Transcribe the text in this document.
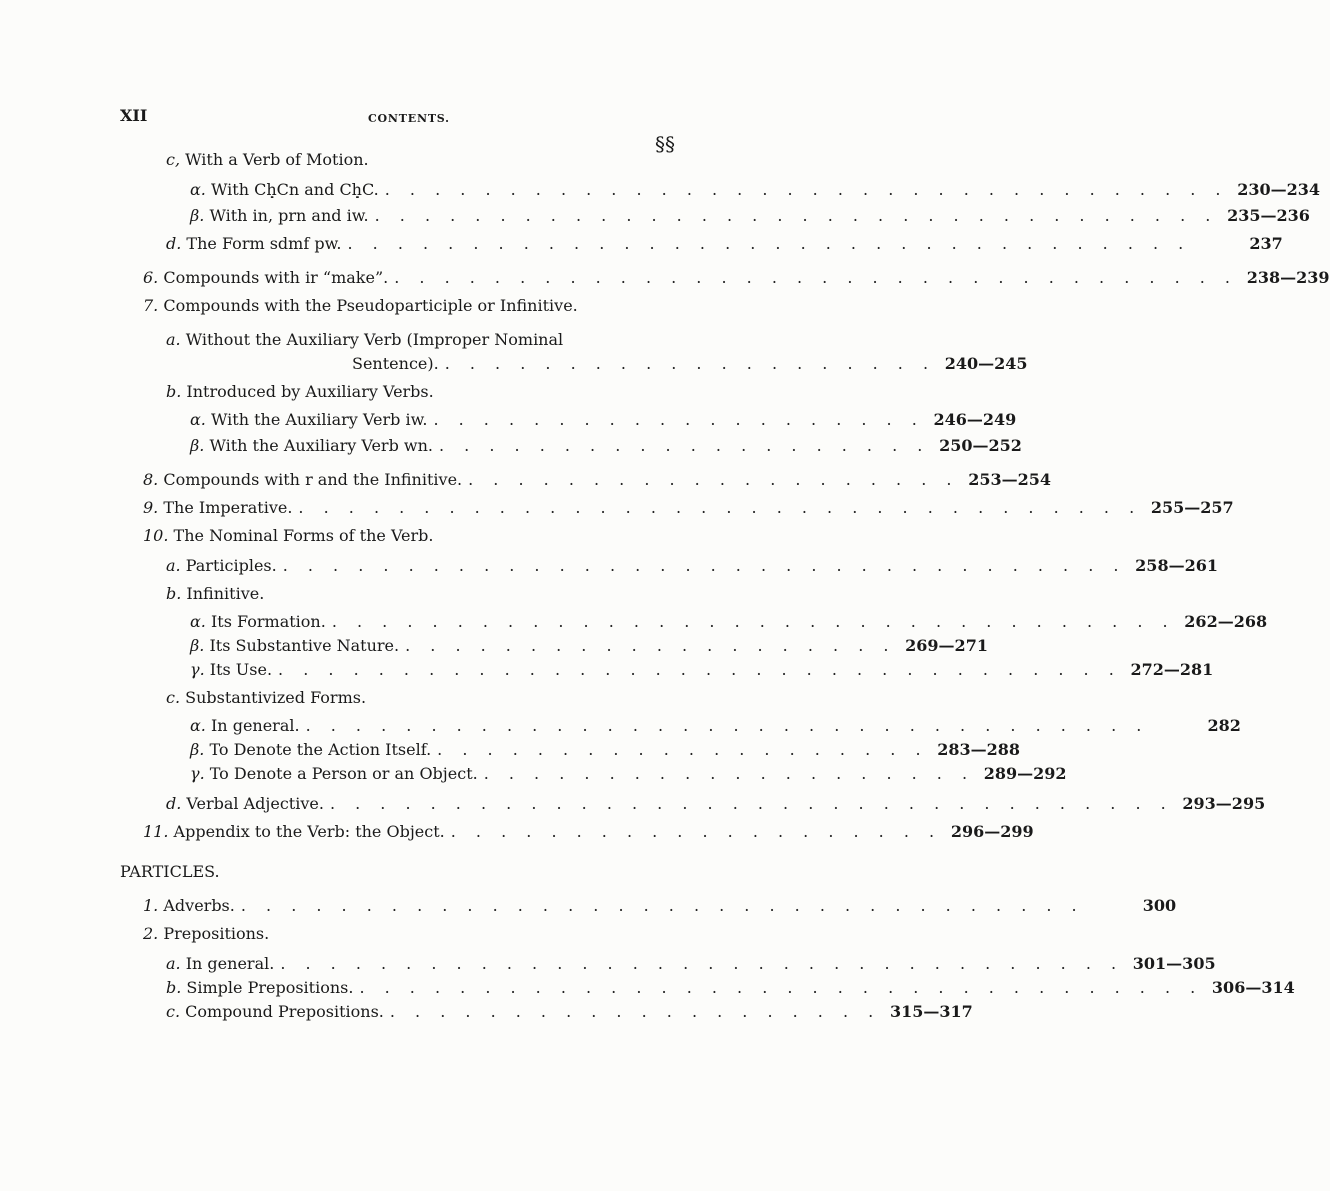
XII	CONTENTS.
§§
c, With a Verb of Motion.
α. With Cḥ̣Cn and Cḥ̣C. . . . . . . . . . . . . . . . . . . . . . . . . . . . . . . . . . . 230—234
β. With in, prn and iw. . . . . . . . . . . . . . . . . . . . . . . . . . . . . . . . . . . 235—236
d. The Form sdmf pw. . . . . . . . . . . . . . . . . . . . . . . . . . . . . . . . . . .	237
6. Compounds with ir “make”. . . . . . . . . . . . . . . . . . . . . . . . . . . . . . . . . . . 238—239
7. Compounds with the Pseudoparticiple or Infinitive.
a. Without the Auxiliary Verb (Improper Nominal
Sentence). . . . . . . . . . . . . . . . . . . . . 240—245
b. Introduced by Auxiliary Verbs.
α. With the Auxiliary Verb iw. . . . . . . . . . . . . . . . . . . . . 246—249
β. With the Auxiliary Verb wn. . . . . . . . . . . . . . . . . . . . . 250—252
8. Compounds with r and the Infinitive. . . . . . . . . . . . . . . . . . . . . 253—254
9. The Imperative. . . . . . . . . . . . . . . . . . . . . . . . . . . . . . . . . . . 255—257
10. The Nominal Forms of the Verb.
a. Participles. . . . . . . . . . . . . . . . . . . . . . . . . . . . . . . . . . . 258—261
b. Infinitive.
α. Its Formation. . . . . . . . . . . . . . . . . . . . . . . . . . . . . . . . . . . 262—268
β. Its Substantive Nature. . . . . . . . . . . . . . . . . . . . . 269—271
γ. Its Use. . . . . . . . . . . . . . . . . . . . . . . . . . . . . . . . . . . 272—281
c. Substantivized Forms.
α. In general. . . . . . . . . . . . . . . . . . . . . . . . . . . . . . . . . . .	282
β. To Denote the Action Itself. . . . . . . . . . . . . . . . . . . . . 283—288
γ. To Denote a Person or an Object. . . . . . . . . . . . . . . . . . . . . 289—292
d. Verbal Adjective. . . . . . . . . . . . . . . . . . . . . . . . . . . . . . . . . . . 293—295
11. Appendix to the Verb: the Object. . . . . . . . . . . . . . . . . . . . . 296—299
PARTICLES.
1. Adverbs. . . . . . . . . . . . . . . . . . . . . . . . . . . . . . . . . . .	300
2. Prepositions.
a. In general. . . . . . . . . . . . . . . . . . . . . . . . . . . . . . . . . . . 301—305
b. Simple Prepositions. . . . . . . . . . . . . . . . . . . . . . . . . . . . . . . . . . . 306—314
c. Compound Prepositions. . . . . . . . . . . . . . . . . . . . . 315—317
